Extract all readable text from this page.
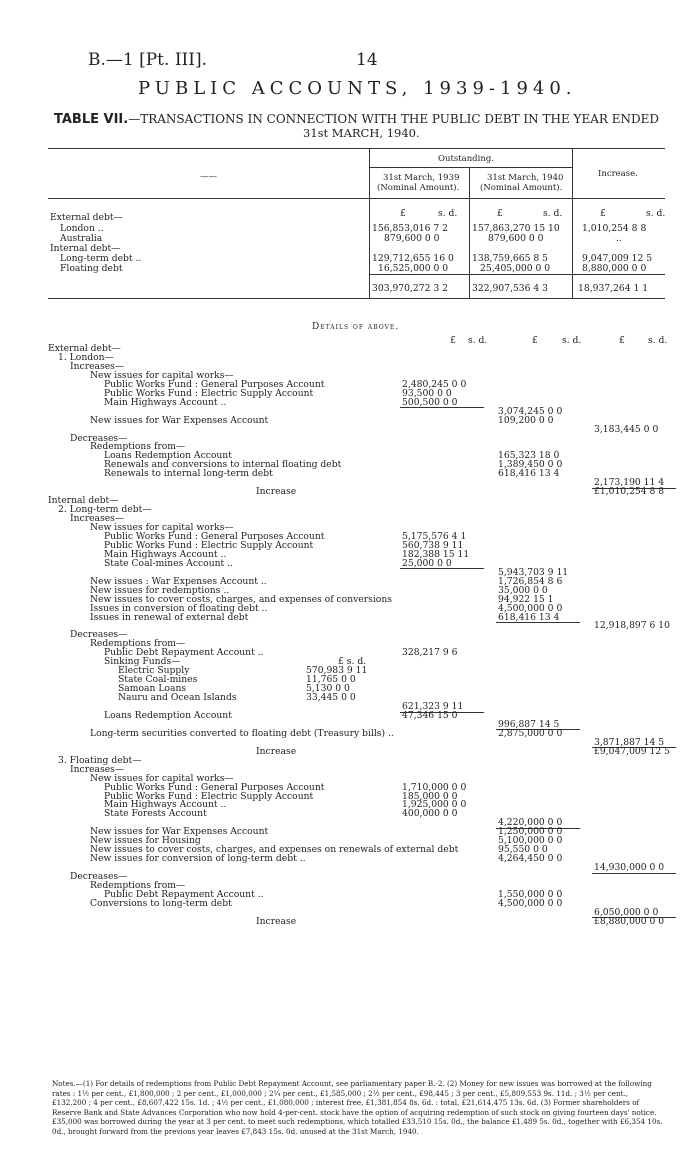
B.—1 [Pt. III].	14
PUBLIC ACCOUNTS, 1939-1940.
TABLE VII.—TRANSACTIONS IN CONNECTION WITH THE PUBLIC DEBT IN THE YEAR ENDED
31st MARCH, 1940.
——
Outstanding.
31st March, 1939
(Nominal Amount).
31st March, 1940
(Nominal Amount).
Increase.
£	s. d.	£	s. d.	£	s. d.
External debt—
London ..	156,853,016 7 2	157,863,270 15 10 1,010,254 8 8
Australia	879,600 0 0	879,600 0 0	..
Internal debt—
Long-term debt ..	129,712,655 16 0 138,759,665 8 5	9,047,009 12 5
Floating debt	16,525,000 0 0	25,405,000 0 0	8,880,000 0 0
303,970,272 3 2	322,907,536 4 3	18,937,264 1 1
Details of above.
£ s. d.	£	s. d.	£	s. d.
External debt—
1. London—
Increases—
New issues for capital works—
Public Works Fund : General Purposes Account	2,480,245 0 0
Public Works Fund : Electric Supply Account	93,500 0 0
Main Highways Account ..	500,500 0 0
3,074,245 0 0
New issues for War Expenses Account	109,200 0 0
3,183,445 0 0
Decreases—
Redemptions from—
Loans Redemption Account	165,323 18 0
Renewals and conversions to internal floating debt	1,389,450 0 0
Renewals to internal long-term debt	618,416 13 4
2,173,190 11 4
Increase	£1,010,254 8 8
Internal debt—
2. Long-term debt—
Increases—
New issues for capital works—
Public Works Fund : General Purposes Account	5,175,576 4 1
Public Works Fund : Electric Supply Account	560,738 9 11
Main Highways Account ..	182,388 15 11
State Coal-mines Account ..	25,000 0 0
5,943,703 9 11
New issues : War Expenses Account ..	1,726,854 8 6
New issues for redemptions ..	35,000 0 0
New issues to cover costs, charges, and expenses of conversions	94,922 15 1
Issues in conversion of floating debt ..	4,500,000 0 0
Issues in renewal of external debt	618,416 13 4
12,918,897 6 10
Decreases—
Redemptions from—
Public Debt Repayment Account ..	328,217 9 6
Sinking Funds—	£ s. d.
Electric Supply	570,983 9 11
State Coal-mines	11,765 0 0
Samoan Loans	5,130 0 0
Nauru and Ocean Islands	33,445 0 0
621,323 9 11
Loans Redemption Account	47,346 15 0
996,887 14 5
Long-term securities converted to floating debt (Treasury bills) ..	2,875,000 0 0
3,871,887 14 5
Increase	£9,047,009 12 5
3. Floating debt—
Increases—
New issues for capital works—
Public Works Fund : General Purposes Account	1,710,000 0 0
Public Works Fund : Electric Supply Account	185,000 0 0
Main Highways Account ..	1,925,000 0 0
State Forests Account	400,000 0 0
4,220,000 0 0
New issues for War Expenses Account	1,250,000 0 0
New issues for Housing	5,100,000 0 0
New issues to cover costs, charges, and expenses on renewals of external debt	95,550 0 0
New issues for conversion of long-term debt ..	4,264,450 0 0
14,930,000 0 0
Decreases—
Redemptions from—
Public Debt Repayment Account ..	1,550,000 0 0
Conversions to long-term debt	4,500,000 0 0
6,050,000 0 0
Increase	£8,880,000 0 0
Notes.—(1) For details of redemptions from Public Debt Repayment Account, see parliamentary paper B.-2. (2) Money for new issues was borrowed at the following rates : 1½ per cent., £1,800,000 ; 2 per cent., £1,000,000 ; 2¼ per cent., £1,585,000 ; 2½ per cent., £98,445 ; 3 per cent., £5,809,553 9s. 11d. ; 3½ per cent., £132,200 ; 4 per cent., £8,607,422 15s. 1d. ; 4½ per cent., £1,080,000 ; interest free, £1,381,854 8s. 6d. : total, £21,614,475 13s. 6d. (3) Former shareholders of Reserve Bank and State Advances Corporation who now hold 4-per-cent. stock have the option of acquiring redemption of such stock on giving fourteen days' notice. £35,000 was borrowed during the year at 3 per cent. to meet such redemptions, which totalled £33,510 15s. 0d., the balance £1,489 5s. 0d., together with £6,354 10s. 0d., brought forward from the previous year leaves £7,843 15s. 0d. unused at the 31st March, 1940.
